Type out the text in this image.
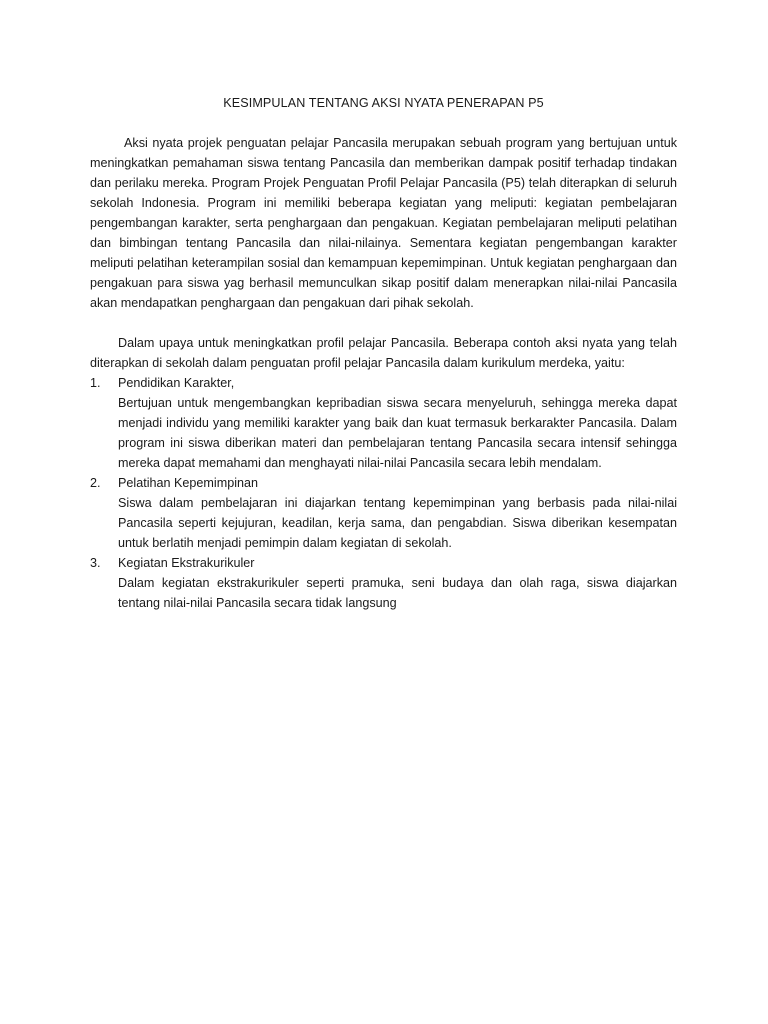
KESIMPULAN TENTANG AKSI NYATA PENERAPAN P5

Aksi nyata projek penguatan pelajar Pancasila merupakan sebuah program yang bertujuan untuk meningkatkan pemahaman siswa tentang Pancasila dan memberikan dampak positif terhadap tindakan dan perilaku mereka. Program Projek Penguatan Profil Pelajar Pancasila (P5) telah diterapkan di seluruh sekolah Indonesia. Program ini memiliki beberapa kegiatan yang meliputi: kegiatan pembelajaran pengembangan karakter, serta penghargaan dan pengakuan. Kegiatan pembelajaran meliputi pelatihan dan bimbingan tentang Pancasila dan nilai-nilainya. Sementara kegiatan pengembangan karakter meliputi pelatihan keterampilan sosial dan kemampuan kepemimpinan. Untuk kegiatan penghargaan dan pengakuan para siswa yag berhasil memunculkan sikap positif dalam menerapkan nilai-nilai Pancasila akan mendapatkan penghargaan dan pengakuan dari pihak sekolah.

Dalam upaya untuk meningkatkan profil pelajar Pancasila. Beberapa contoh aksi nyata yang telah diterapkan di sekolah dalam penguatan profil pelajar Pancasila dalam kurikulum merdeka, yaitu:

1. Pendidikan Karakter,
Bertujuan untuk mengembangkan kepribadian siswa secara menyeluruh, sehingga mereka dapat menjadi individu yang memiliki karakter yang baik dan kuat termasuk berkarakter Pancasila. Dalam program ini siswa diberikan materi dan pembelajaran tentang Pancasila secara intensif sehingga mereka dapat memahami dan menghayati nilai-nilai Pancasila secara lebih mendalam.
2. Pelatihan Kepemimpinan
Siswa dalam pembelajaran ini diajarkan tentang kepemimpinan yang berbasis pada nilai-nilai Pancasila seperti kejujuran, keadilan, kerja sama, dan pengabdian. Siswa diberikan kesempatan untuk berlatih menjadi pemimpin dalam kegiatan di sekolah.
3. Kegiatan Ekstrakurikuler
Dalam kegiatan ekstrakurikuler seperti pramuka, seni budaya dan olah raga, siswa diajarkan tentang nilai-nilai Pancasila secara tidak langsung
